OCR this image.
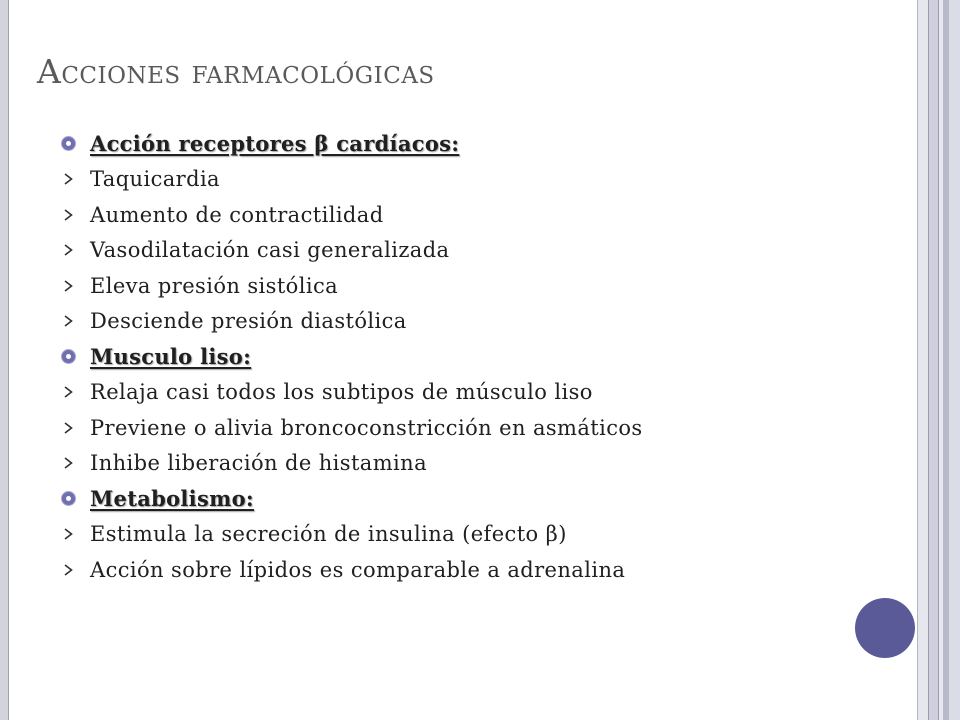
Acciones farmacológicas
Acción receptores β cardíacos:
Taquicardia
Aumento de contractilidad
Vasodilatación casi generalizada
Eleva presión sistólica
Desciende presión diastólica
Musculo liso:
Relaja casi todos los subtipos de músculo liso
Previene o alivia broncoconstricción en asmáticos
Inhibe liberación de histamina
Metabolismo:
Estimula la secreción de insulina (efecto β)
Acción sobre lípidos es comparable a adrenalina
